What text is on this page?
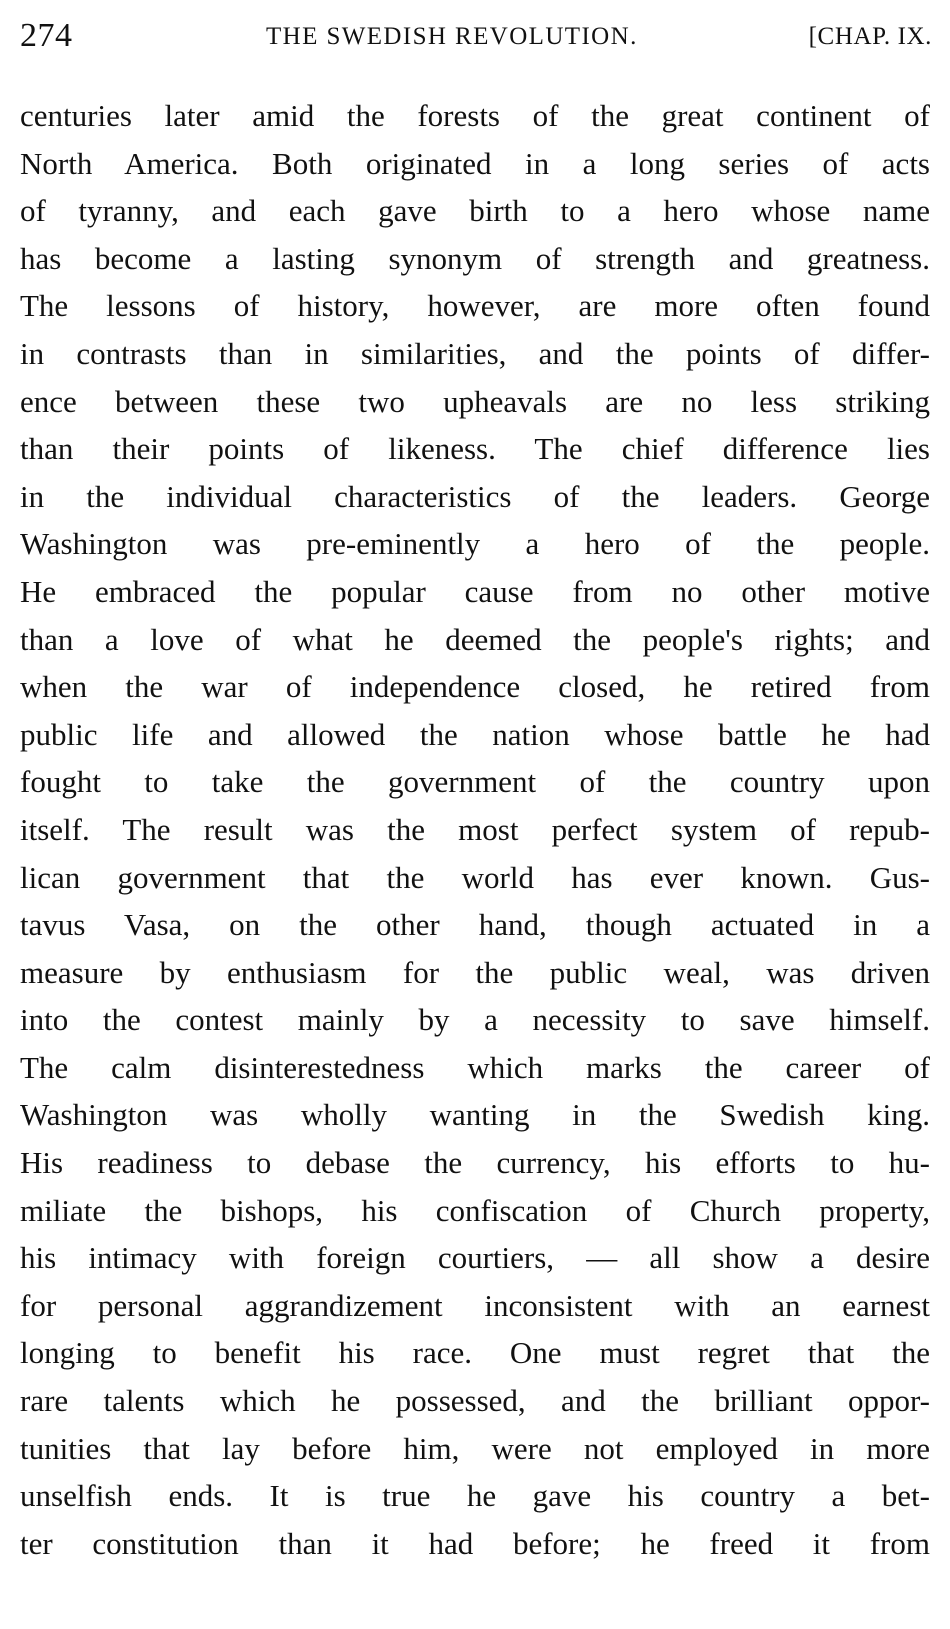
274	THE SWEDISH REVOLUTION.	[CHAP. IX.
centuries later amid the forests of the great continent of
North America. Both originated in a long series of acts
of tyranny, and each gave birth to a hero whose name
has become a lasting synonym of strength and greatness.
The lessons of history, however, are more often found
in contrasts than in similarities, and the points of differ-
ence between these two upheavals are no less striking
than their points of likeness. The chief difference lies
in the individual characteristics of the leaders. George
Washington was pre-eminently a hero of the people.
He embraced the popular cause from no other motive
than a love of what he deemed the people's rights; and
when the war of independence closed, he retired from
public life and allowed the nation whose battle he had
fought to take the government of the country upon
itself. The result was the most perfect system of repub-
lican government that the world has ever known. Gus-
tavus Vasa, on the other hand, though actuated in a
measure by enthusiasm for the public weal, was driven
into the contest mainly by a necessity to save himself.
The calm disinterestedness which marks the career of
Washington was wholly wanting in the Swedish king.
His readiness to debase the currency, his efforts to hu-
miliate the bishops, his confiscation of Church property,
his intimacy with foreign courtiers, — all show a desire
for personal aggrandizement inconsistent with an earnest
longing to benefit his race. One must regret that the
rare talents which he possessed, and the brilliant oppor-
tunities that lay before him, were not employed in more
unselfish ends. It is true he gave his country a bet-
ter constitution than it had before; he freed it from
